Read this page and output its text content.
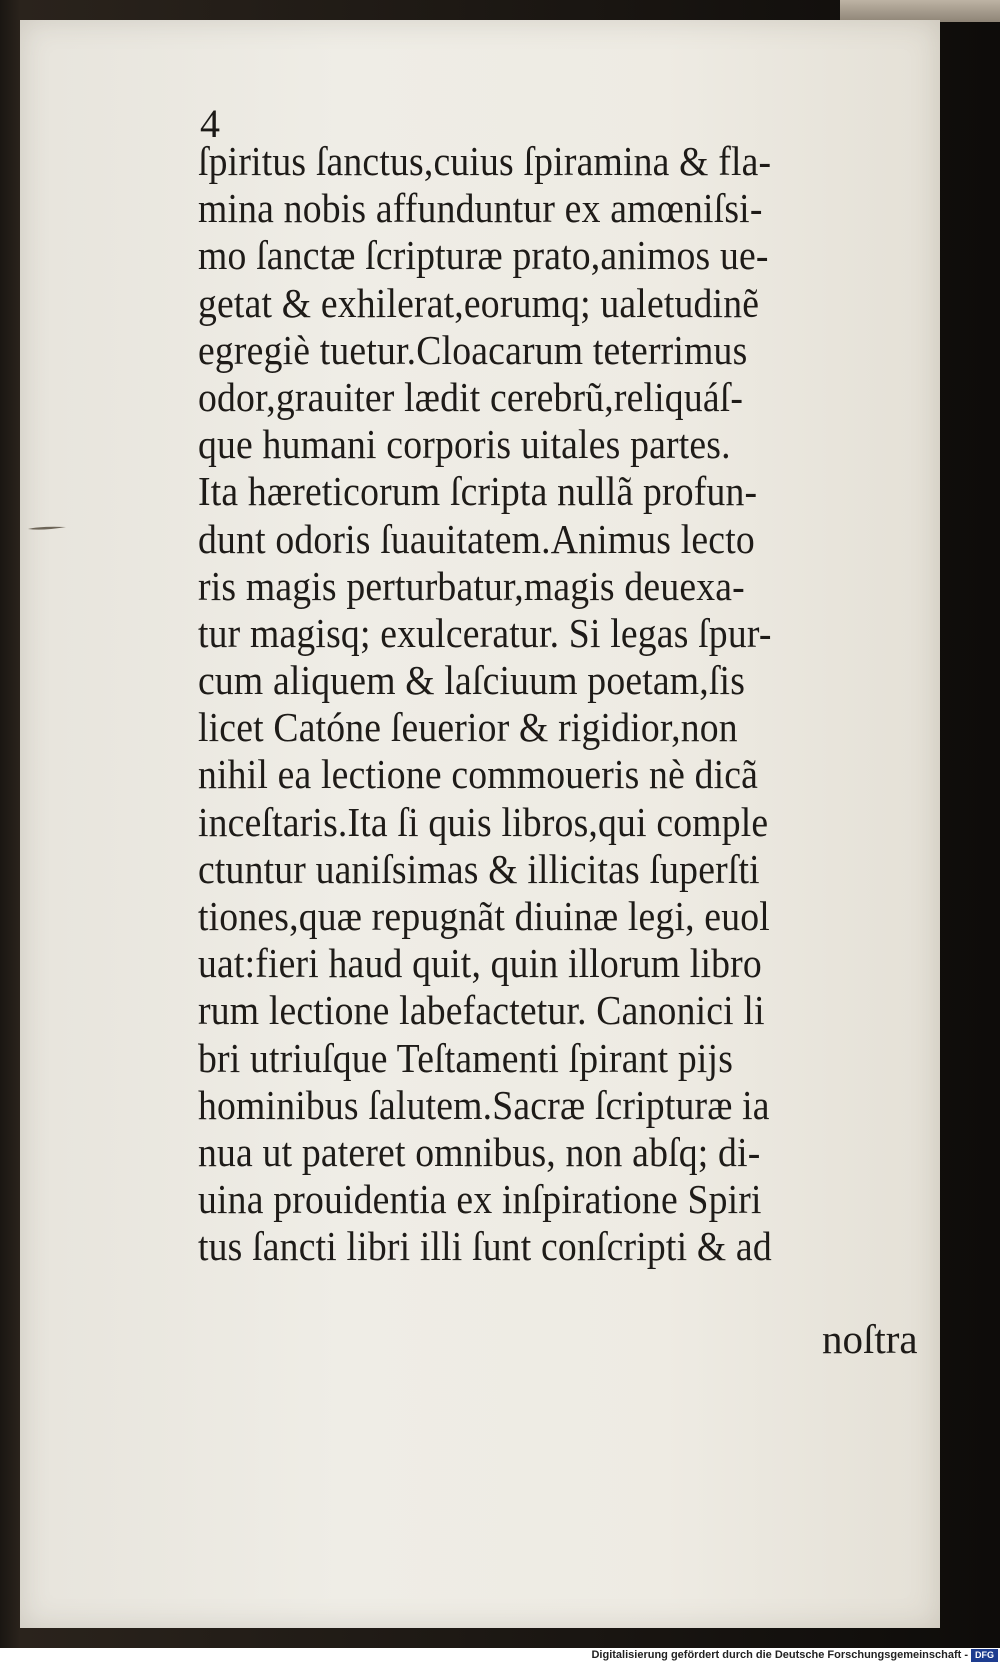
4
ſpiritus ſanctus,cuius ſpiramina & fla-
mina nobis affunduntur ex amœniſsi-
mo ſanctæ ſcripturæ prato,animos ue-
getat & exhilerat,eorumq; ualetudinẽ
egregiè tuetur.Cloacarum teterrimus
odor,grauiter lædit cerebrũ,reliquáſ-
que humani corporis uitales partes.
Ita hæreticorum ſcripta nullã profun-
dunt odoris ſuauitatem.Animus lecto
ris magis perturbatur,magis deuexa-
tur magisq; exulceratur. Si legas ſpur-
cum aliquem & laſciuum poetam,ſis
licet Catóne ſeuerior & rigidior,non
nihil ea lectione commoueris nè dicã
inceſtaris.Ita ſi quis libros,qui comple
ctuntur uaniſsimas & illicitas ſuperſti
tiones,quæ repugnãt diuinæ legi, euol
uat:fieri haud quit, quin illorum libro
rum lectione labefactetur. Canonici li
bri utriuſque Teſtamenti ſpirant pijs
hominibus ſalutem.Sacræ ſcripturæ ia
nua ut pateret omnibus, non abſq; di-
uina prouidentia ex inſpiratione Spiri
tus ſancti libri illi ſunt conſcripti & ad
noſtra
Digitalisierung gefördert durch die Deutsche Forschungsgemeinschaft - DFG
